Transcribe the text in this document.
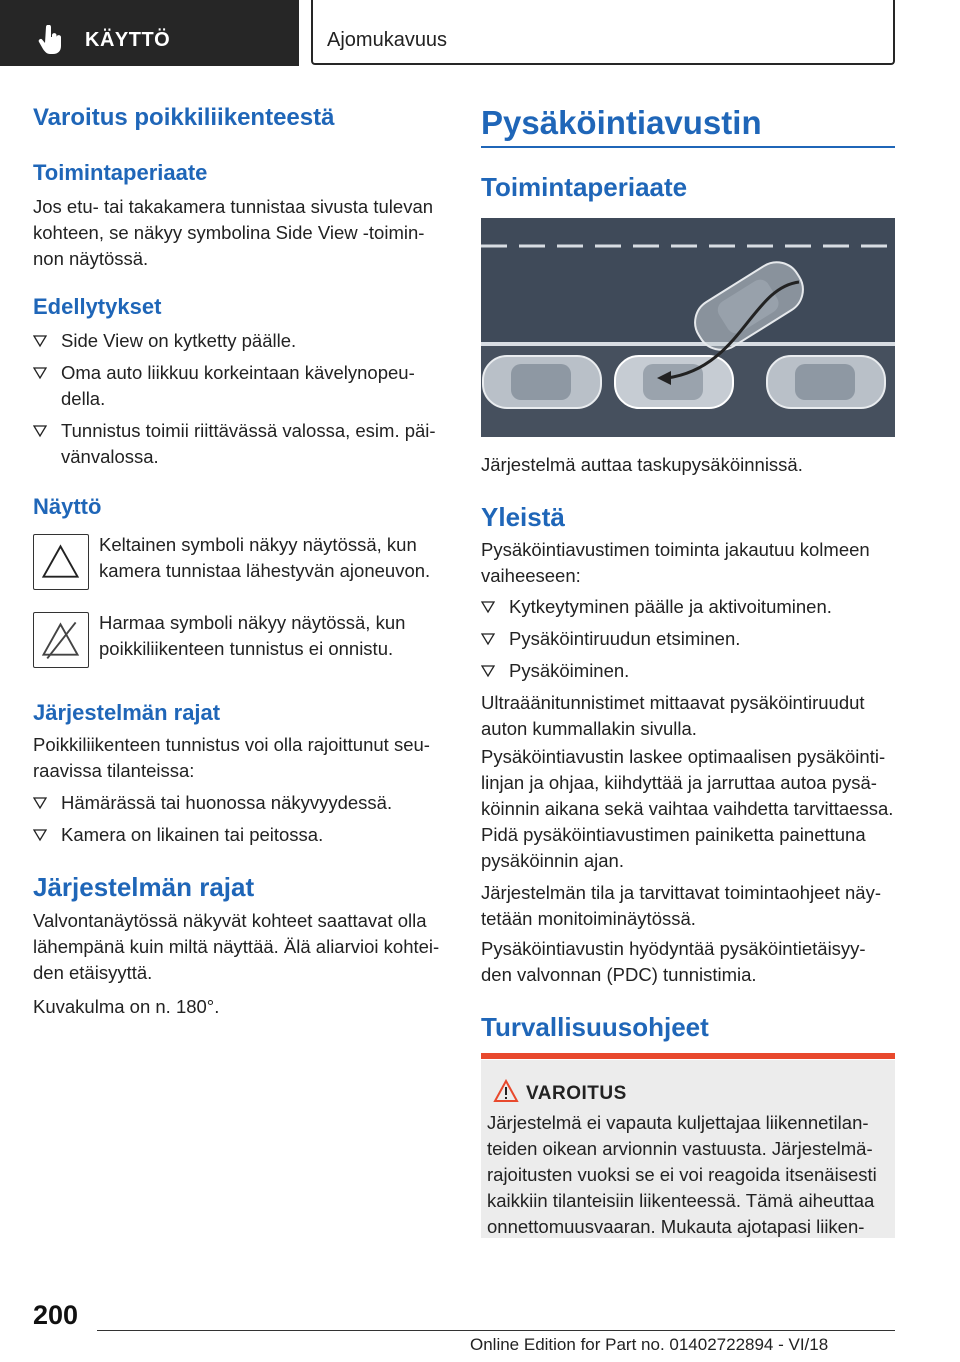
KÄYTTÖ	Ajomukavuus
Varoitus poikkiliikenteestä
Toimintaperiaate
Jos etu- tai takakamera tunnistaa sivusta tulevan
kohteen, se näkyy symbolina Side View -toimin-
non näytössä.
Edellytykset
Side View on kytketty päälle.
Oma auto liikkuu korkeintaan kävelynopeu-
della.
Tunnistus toimii riittävässä valossa, esim. päi-
vänvalossa.
Näyttö
Keltainen symboli näkyy näytössä, kun
kamera tunnistaa lähestyvän ajoneuvon.
Harmaa symboli näkyy näytössä, kun
poikkiliikenteen tunnistus ei onnistu.
Järjestelmän rajat
Poikkiliikenteen tunnistus voi olla rajoittunut seu-
raavissa tilanteissa:
Hämärässä tai huonossa näkyvyydessä.
Kamera on likainen tai peitossa.
Järjestelmän rajat
Valvontanäytössä näkyvät kohteet saattavat olla
lähempänä kuin miltä näyttää. Älä aliarvioi kohtei-
den etäisyyttä.
Kuvakulma on n. 180°.
Pysäköintiavustin
Toimintaperiaate
Järjestelmä auttaa taskupysäköinnissä.
Yleistä
Pysäköintiavustimen toiminta jakautuu kolmeen
vaiheeseen:
Kytkeytyminen päälle ja aktivoituminen.
Pysäköintiruudun etsiminen.
Pysäköiminen.
Ultraäänitunnistimet mittaavat pysäköintiruudut
auton kummallakin sivulla.
Pysäköintiavustin laskee optimaalisen pysäköinti-
linjan ja ohjaa, kiihdyttää ja jarruttaa autoa pysä-
köinnin aikana sekä vaihtaa vaihdetta tarvittaessa.
Pidä pysäköintiavustimen painiketta painettuna
pysäköinnin ajan.
Järjestelmän tila ja tarvittavat toimintaohjeet näy-
tetään monitoiminäytössä.
Pysäköintiavustin hyödyntää pysäköintietäisyy-
den valvonnan (PDC) tunnistimia.
Turvallisuusohjeet
VAROITUS
Järjestelmä ei vapauta kuljettajaa liikennetilan-
teiden oikean arvionnin vastuusta. Järjestelmä-
rajoitusten vuoksi se ei voi reagoida itsenäisesti
kaikkiin tilanteisiin liikenteessä. Tämä aiheuttaa
onnettomuusvaaran. Mukauta ajotapasi liiken-
200
Online Edition for Part no. 01402722894 - VI/18
